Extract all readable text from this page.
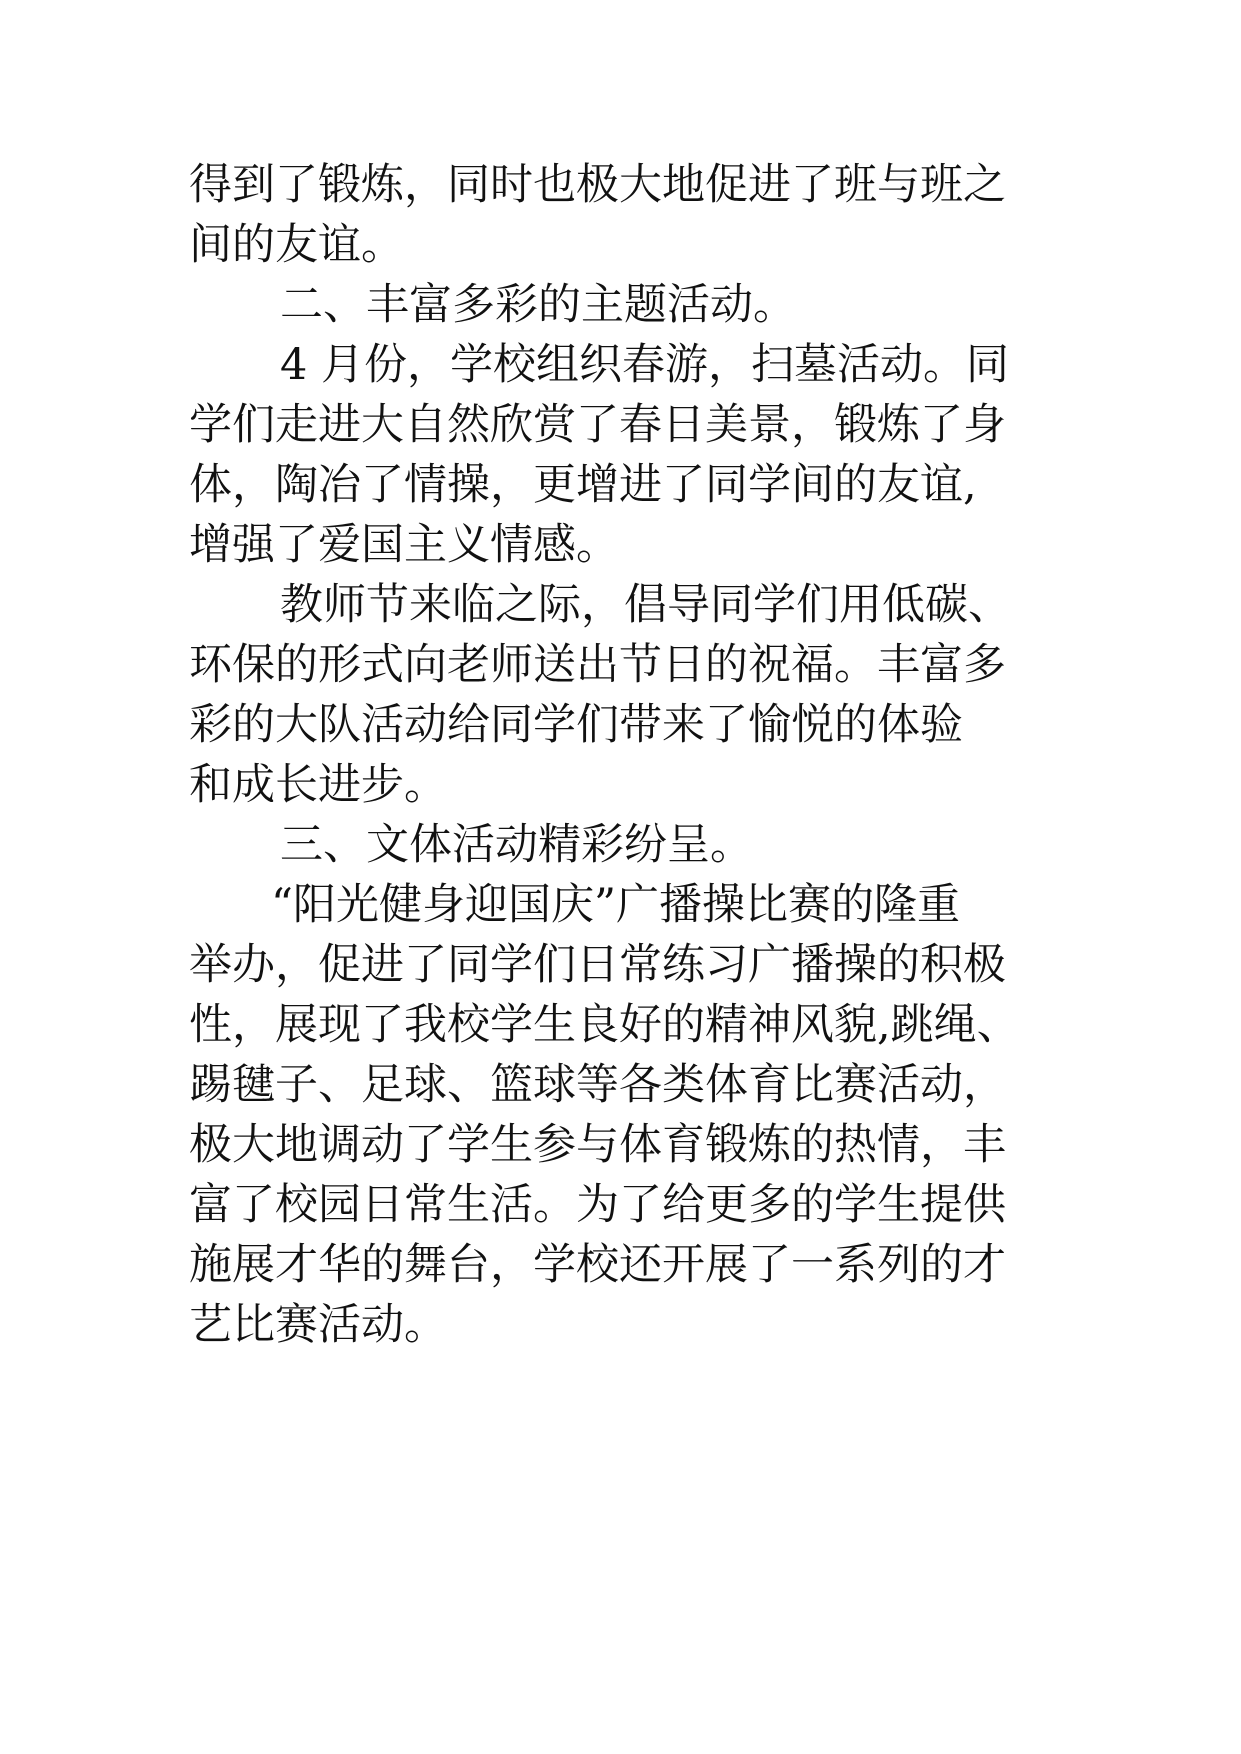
得到了锻炼，同时也极大地促进了班与班之
间的友谊。
二、丰富多彩的主题活动。
4 月份，学校组织春游，扫墓活动。同
学们走进大自然欣赏了春日美景，锻炼了身
体，陶冶了情操，更增进了同学间的友谊,
增强了爱国主义情感。
教师节来临之际，倡导同学们用低碳、
环保的形式向老师送出节日的祝福。丰富多
彩的大队活动给同学们带来了愉悦的体验
和成长进步。
三、文体活动精彩纷呈。
“阳光健身迎国庆”广播操比赛的隆重
举办，促进了同学们日常练习广播操的积极
性，展现了我校学生良好的精神风貌,跳绳、
踢毽子、足球、篮球等各类体育比赛活动，
极大地调动了学生参与体育锻炼的热情，丰
富了校园日常生活。为了给更多的学生提供
施展才华的舞台，学校还开展了一系列的才
艺比赛活动。
